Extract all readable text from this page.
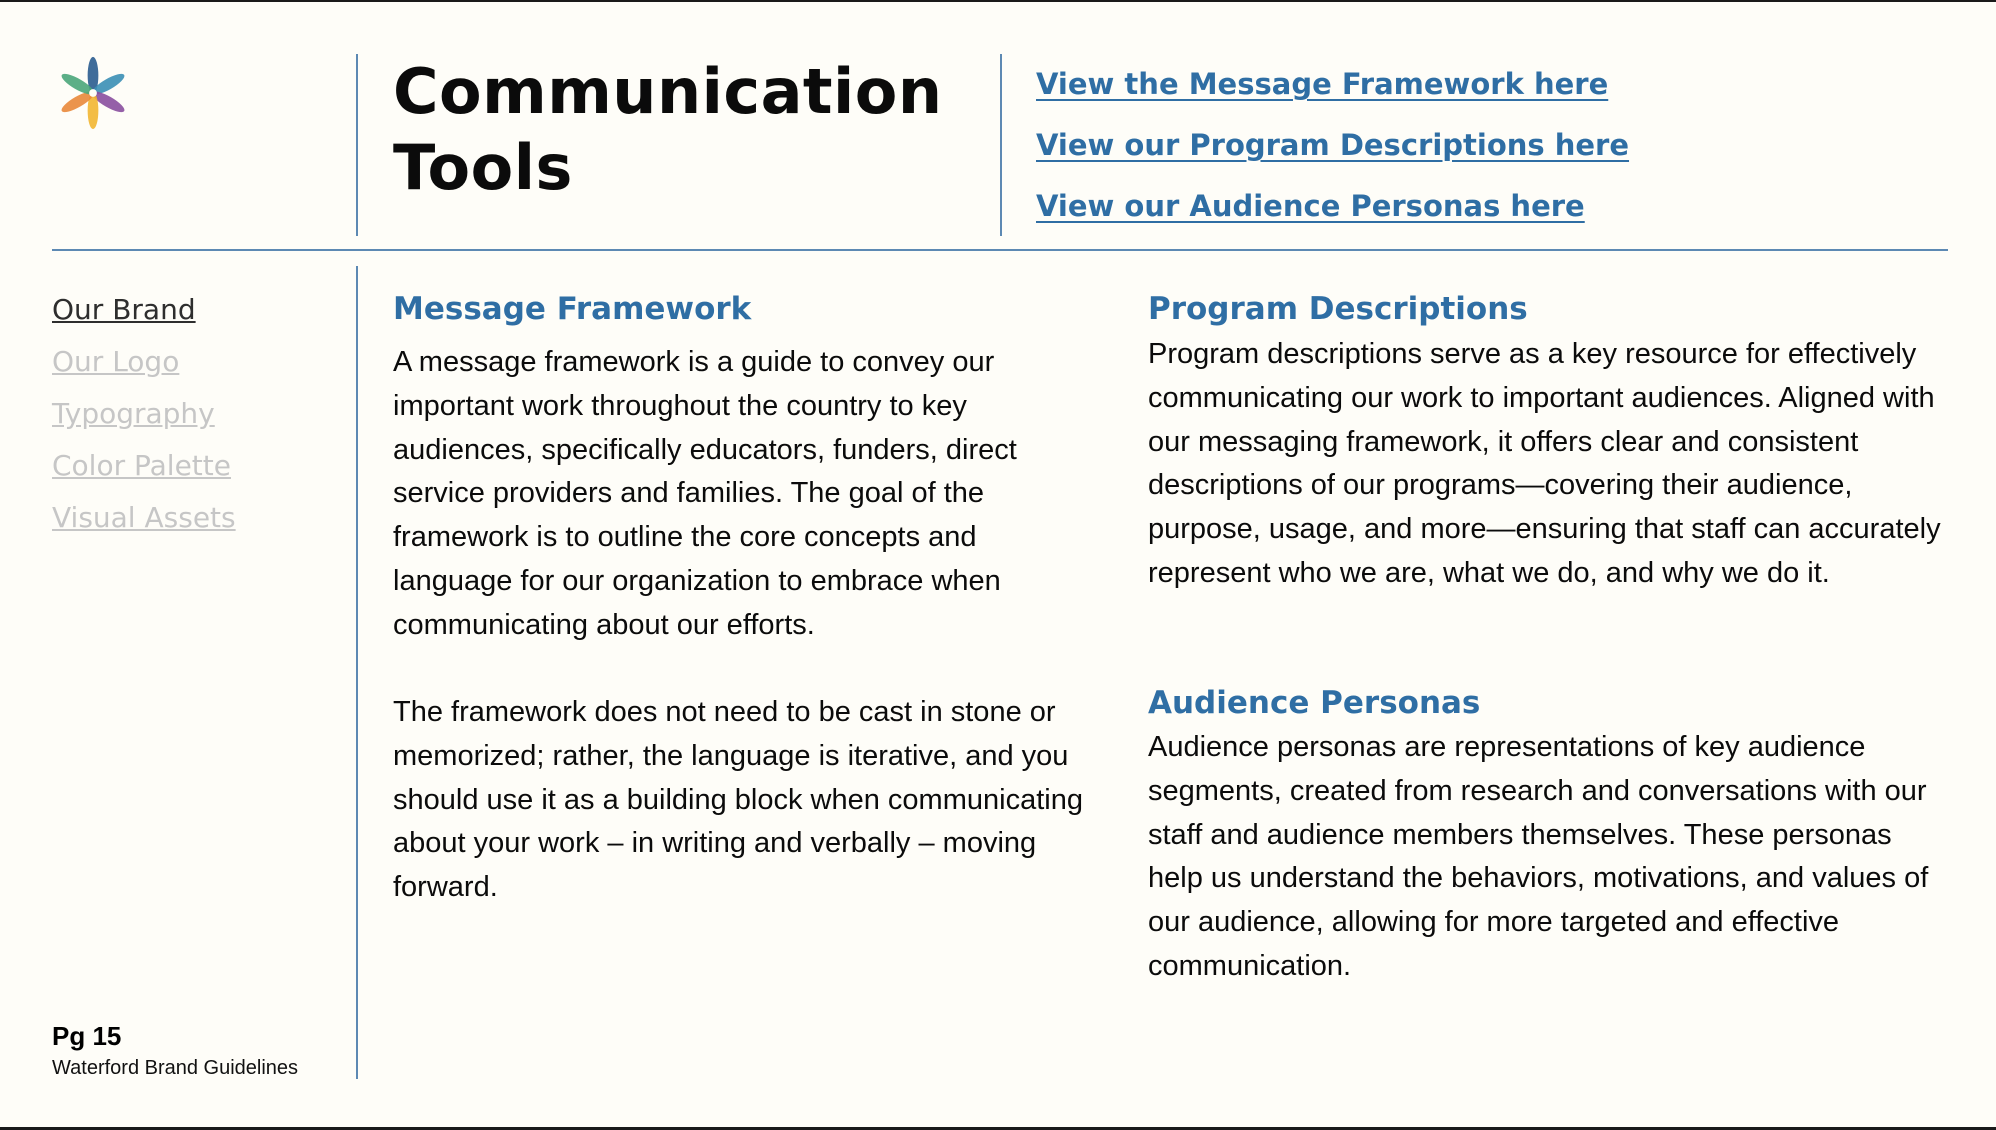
Communication
Tools
View the Message Framework here
View our Program Descriptions here
View our Audience Personas here
Our Brand
Our Logo
Typography
Color Palette
Visual Assets
Pg 15
Waterford Brand Guidelines
Message Framework

A message framework is a guide to convey our important work throughout the country to key audiences, specifically educators, funders, direct service providers and families. The goal of the framework is to outline the core concepts and language for our organization to embrace when communicating about our efforts.

The framework does not need to be cast in stone or memorized; rather, the language is iterative, and you should use it as a building block when communicating about your work – in writing and verbally – moving forward.

Program Descriptions

Program descriptions serve as a key resource for effectively communicating our work to important audiences. Aligned with our messaging framework, it offers clear and consistent descriptions of our programs—covering their audience, purpose, usage, and more—ensuring that staff can accurately represent who we are, what we do, and why we do it.

Audience Personas

Audience personas are representations of key audience segments, created from research and conversations with our staff and audience members themselves. These personas help us understand the behaviors, motivations, and values of our audience, allowing for more targeted and effective communication.
